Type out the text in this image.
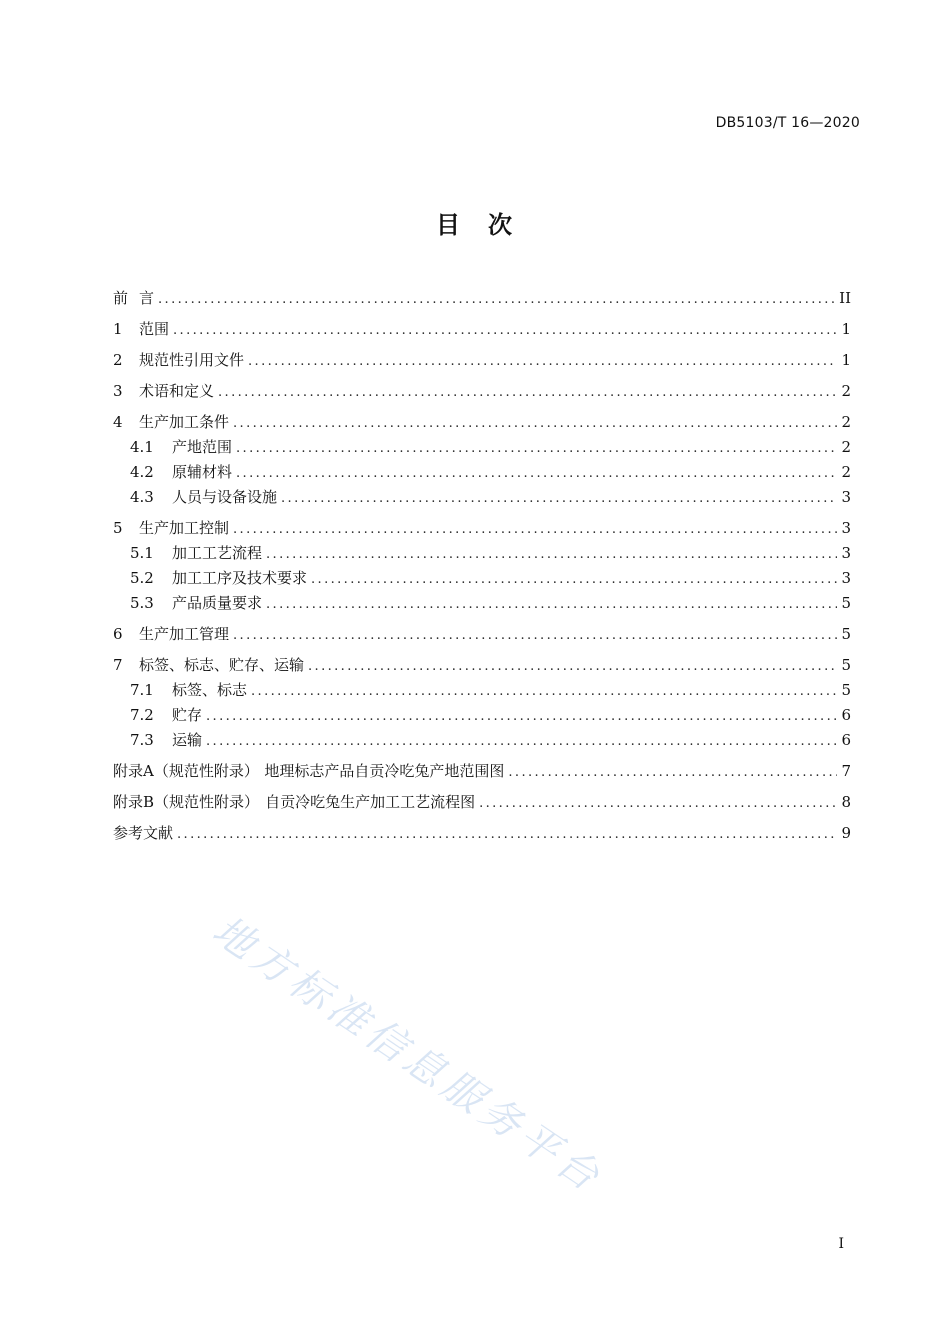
DB5103/T 16—2020
目 次
前 言 .....	II
1	范围 .....	1
2	规范性引用文件 .....	1
3	术语和定义 .....	2
4	生产加工条件 .....	2
4.1	产地范围 .....	2
4.2	原辅材料 .....	2
4.3	人员与设备设施 .....	3
5	生产加工控制 .....	3
5.1	加工工艺流程 .....	3
5.2	加工工序及技术要求 .....	3
5.3	产品质量要求 .....	5
6	生产加工管理 .....	5
7	标签、标志、贮存、运输 .....	5
7.1	标签、标志 .....	5
7.2	贮存 .....	6
7.3	运输 .....	6
附录A（规范性附录） 地理标志产品自贡冷吃兔产地范围图 .....	7
附录B（规范性附录） 自贡冷吃兔生产加工工艺流程图 .....	8
参考文献 .....	9
地方标准信息服务平台
I
